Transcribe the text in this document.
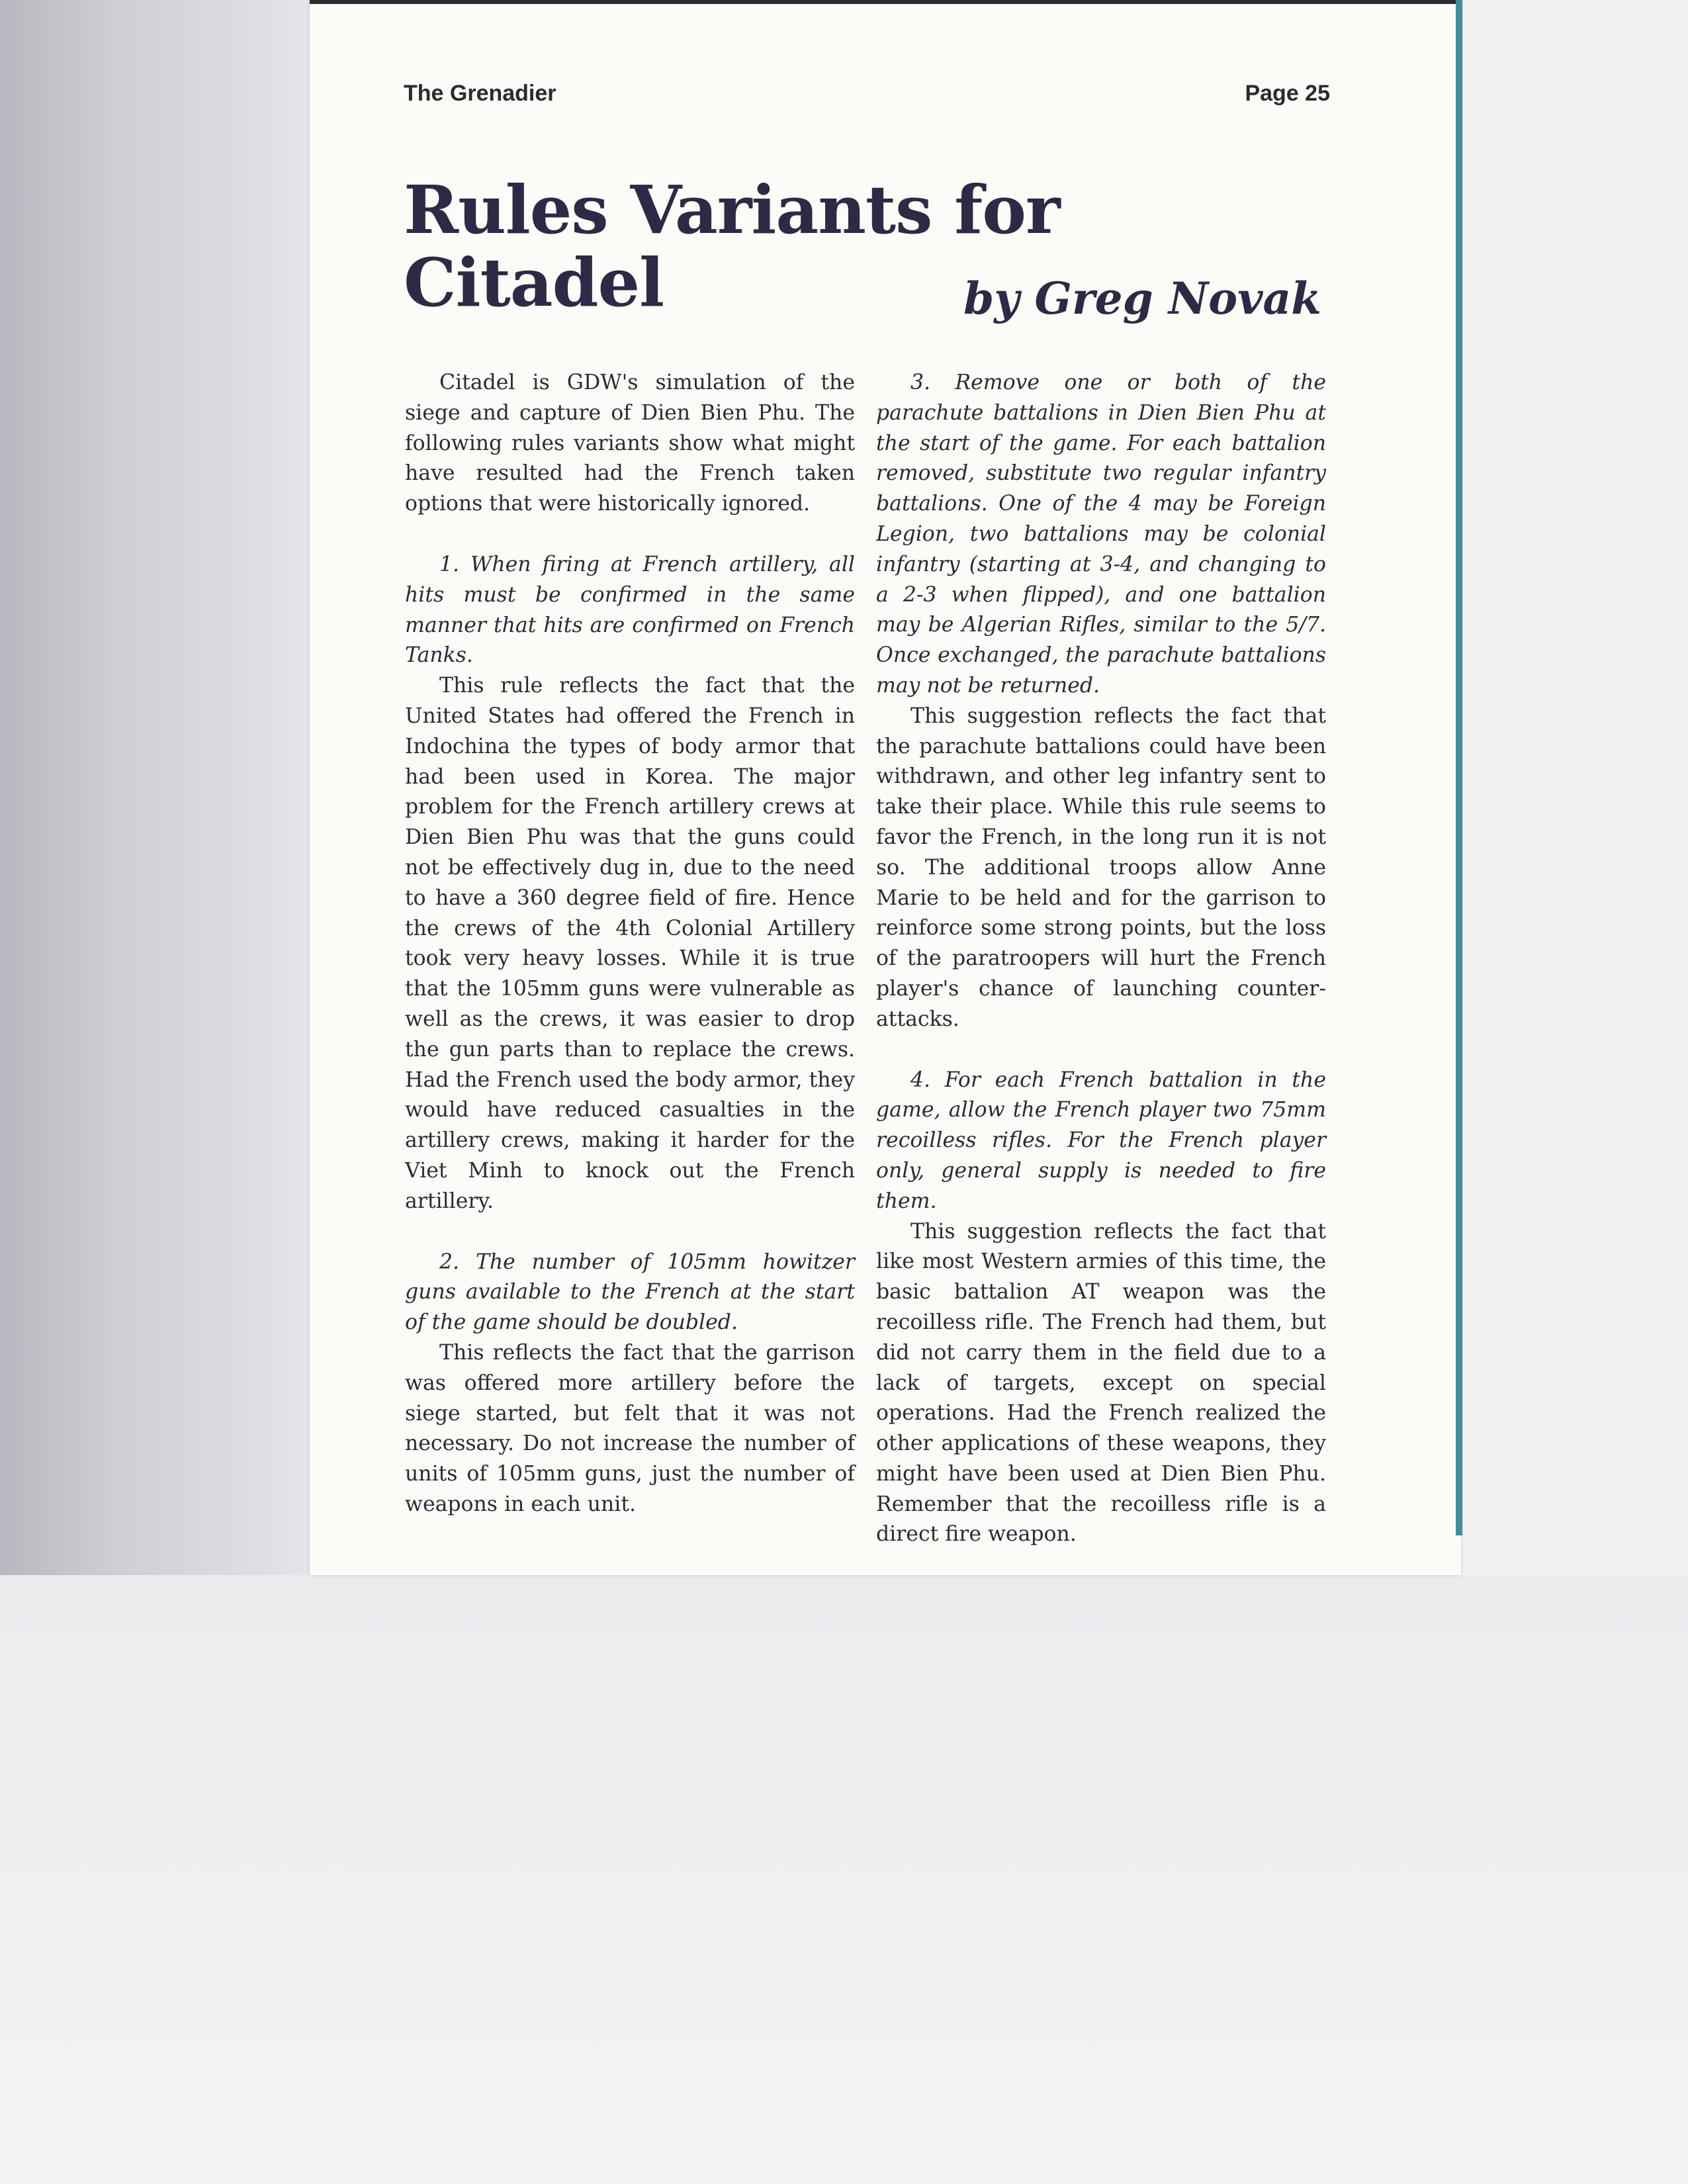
The Grenadier	Page 25

Rules Variants for Citadel	by Greg Novak

Citadel is GDW's simulation of the siege and capture of Dien Bien Phu. The following rules variants show what might have resulted had the French taken options that were historically ignored.

1. When firing at French artillery, all hits must be confirmed in the same manner that hits are confirmed on French Tanks.

This rule reflects the fact that the United States had offered the French in Indochina the types of body armor that had been used in Korea. The major problem for the French artillery crews at Dien Bien Phu was that the guns could not be effectively dug in, due to the need to have a 360 degree field of fire. Hence the crews of the 4th Colonial Artillery took very heavy losses. While it is true that the 105mm guns were vulnerable as well as the crews, it was easier to drop the gun parts than to replace the crews. Had the French used the body armor, they would have reduced casualties in the artillery crews, making it harder for the Viet Minh to knock out the French artillery.

2. The number of 105mm howitzer guns available to the French at the start of the game should be doubled.

This reflects the fact that the garrison was offered more artillery before the siege started, but felt that it was not necessary. Do not increase the number of units of 105mm guns, just the number of weapons in each unit.

3. Remove one or both of the parachute battalions in Dien Bien Phu at the start of the game. For each battalion removed, substitute two regular infantry battalions. One of the 4 may be Foreign Legion, two battalions may be colonial infantry (starting at 3-4, and changing to a 2-3 when flipped), and one battalion may be Algerian Rifles, similar to the 5/7. Once exchanged, the parachute battalions may not be returned.

This suggestion reflects the fact that the parachute battalions could have been withdrawn, and other leg infantry sent to take their place. While this rule seems to favor the French, in the long run it is not so. The additional troops allow Anne Marie to be held and for the garrison to reinforce some strong points, but the loss of the paratroopers will hurt the French player's chance of launching counter-attacks.

4. For each French battalion in the game, allow the French player two 75mm recoilless rifles. For the French player only, general supply is needed to fire them.

This suggestion reflects the fact that like most Western armies of this time, the basic battalion AT weapon was the recoilless rifle. The French had them, but did not carry them in the field due to a lack of targets, except on special operations. Had the French realized the other applications of these weapons, they might have been used at Dien Bien Phu. Remember that the recoilless rifle is a direct fire weapon.
